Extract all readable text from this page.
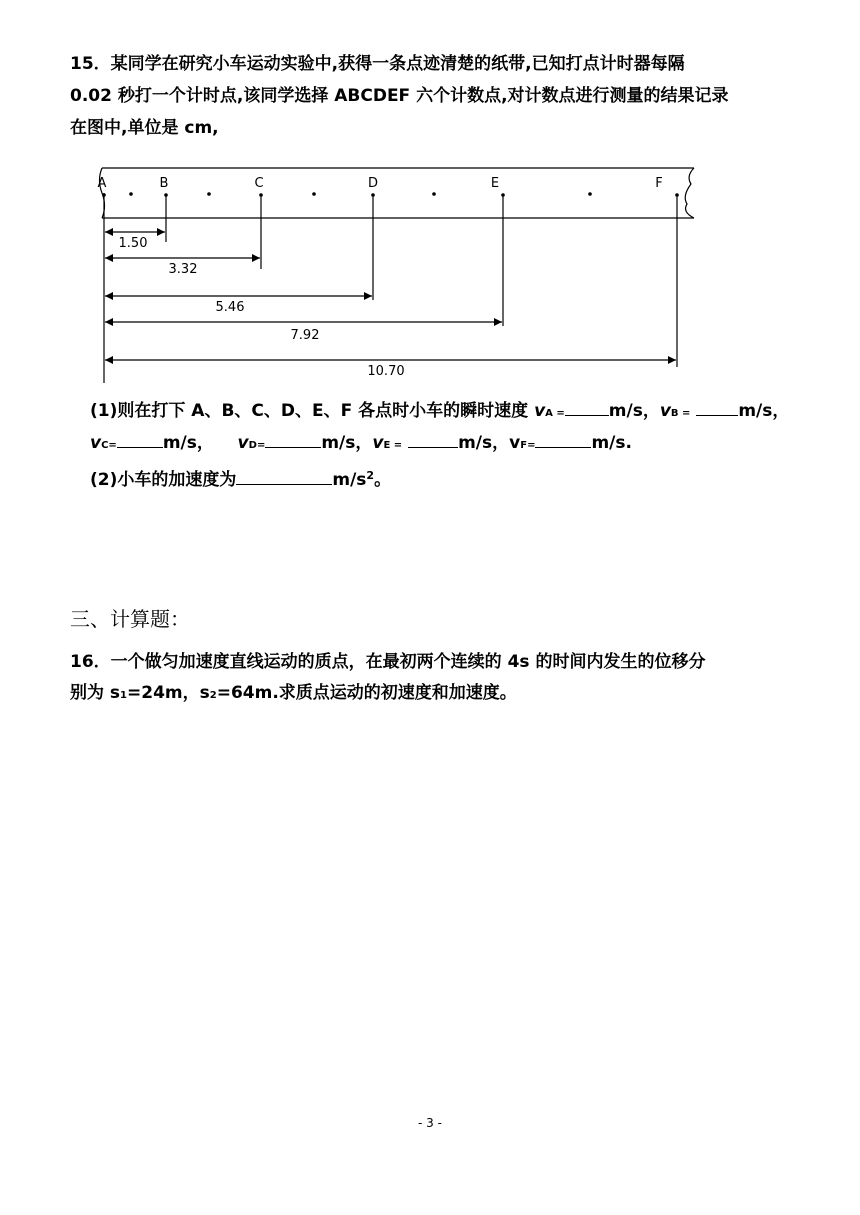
15．某同学在研究小车运动实验中,获得一条点迹清楚的纸带,已知打点计时器每隔
0.02 秒打一个计时点,该同学选择 ABCDEF 六个计数点,对计数点进行测量的结果记录
在图中,单位是 cm,
A	B	C	D	E	F
1.50
3.32
5.46
7.92
10.70
(1)则在打下 A、B、C、D、E、F 各点时小车的瞬时速度 vA =	m/s，vB =	m/s，
vC=	m/s， vD=	m/s，vE =	m/s，vF=	m/s.
(2)小车的加速度为	$m/s^2$。
三、计算题：
16．一个做匀加速度直线运动的质点，在最初两个连续的 4s 的时间内发生的位移分
别为 s1=24m，s2=64m.求质点运动的初速度和加速度。
- 3 -
